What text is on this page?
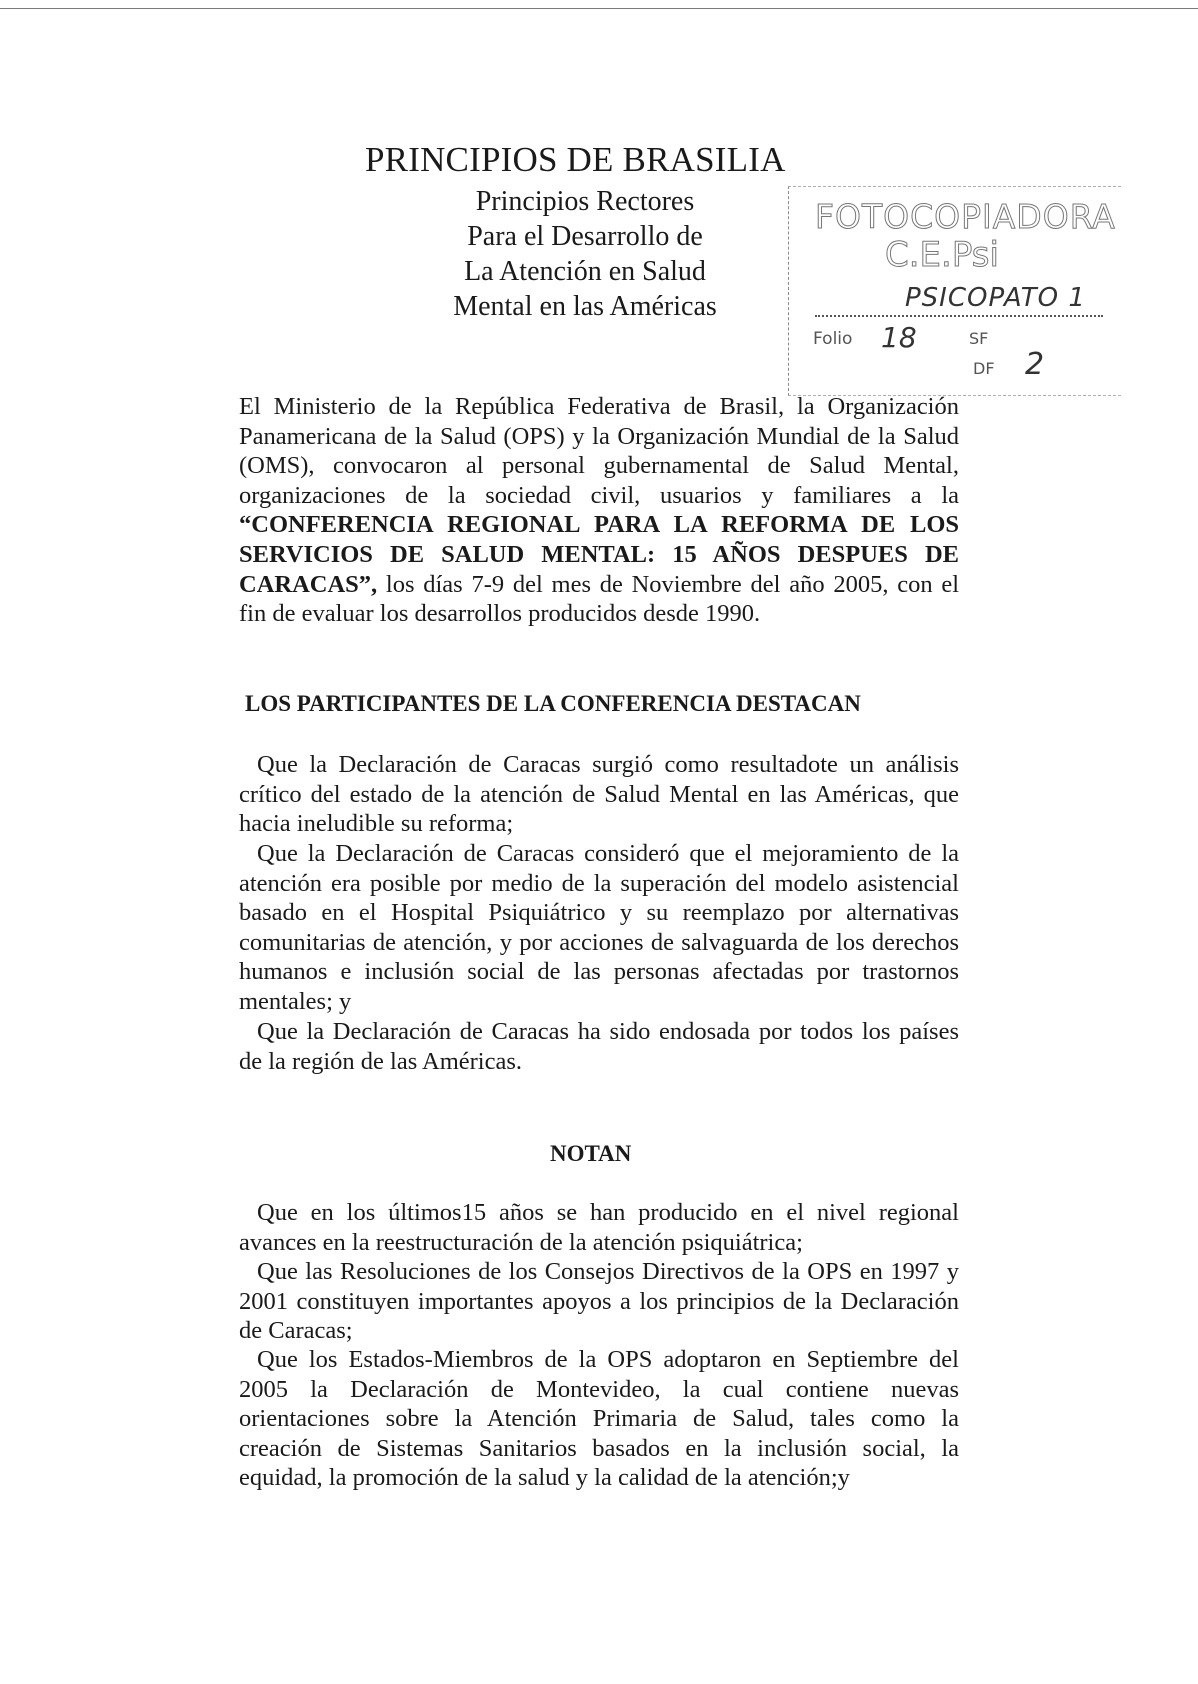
PRINCIPIOS DE BRASILIA
Principios Rectores
Para el Desarrollo de
La Atención en Salud
Mental en las Américas
FOTOCOPIADORA
C.E.Psi
PSICOPATO 1
Folio 18	SF
DF 2
El Ministerio de la República Federativa de Brasil, la Organización Panamericana de la Salud (OPS) y la Organización Mundial de la Salud (OMS), convocaron al personal gubernamental de Salud Mental, organizaciones de la sociedad civil, usuarios y familiares a la “CONFERENCIA REGIONAL PARA LA REFORMA DE LOS SERVICIOS DE SALUD MENTAL: 15 AÑOS DESPUES DE CARACAS”, los días 7-9 del mes de Noviembre del año 2005, con el fin de evaluar los desarrollos producidos desde 1990.
LOS PARTICIPANTES DE LA CONFERENCIA DESTACAN
Que la Declaración de Caracas surgió como resultadote un análisis crítico del estado de la atención de Salud Mental en las Américas, que hacia ineludible su reforma;
Que la Declaración de Caracas consideró que el mejoramiento de la atención era posible por medio de la superación del modelo asistencial basado en el Hospital Psiquiátrico y su reemplazo por alternativas comunitarias de atención, y por acciones de salvaguarda de los derechos humanos e inclusión social de las personas afectadas por trastornos mentales; y
Que la Declaración de Caracas ha sido endosada por todos los países de la región de las Américas.
NOTAN
Que en los últimos15 años se han producido en el nivel regional avances en la reestructuración de la atención psiquiátrica;
Que las Resoluciones de los Consejos Directivos de la OPS en 1997 y 2001 constituyen importantes apoyos a los principios de la Declaración de Caracas;
Que los Estados-Miembros de la OPS adoptaron en Septiembre del 2005 la Declaración de Montevideo, la cual contiene nuevas orientaciones sobre la Atención Primaria de Salud, tales como la creación de Sistemas Sanitarios basados en la inclusión social, la equidad, la promoción de la salud y la calidad de la atención;y
